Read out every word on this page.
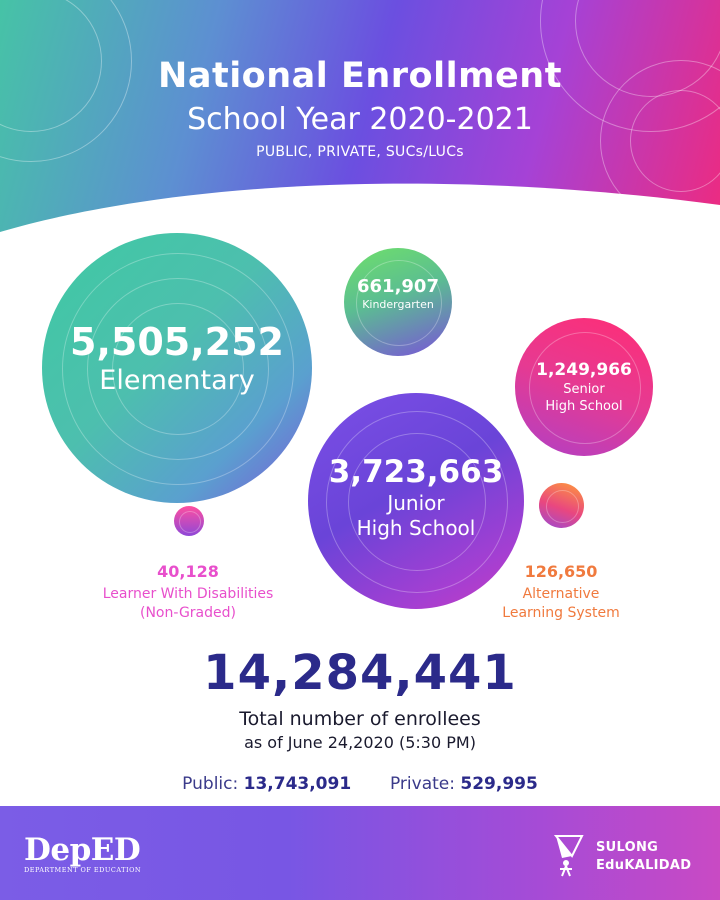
National Enrollment
School Year 2020-2021
PUBLIC, PRIVATE, SUCs/LUCs
5,505,252
Elementary
661,907
Kindergarten
1,249,966
Senior
High School
3,723,663
Junior
High School
40,128
Learner With Disabilities
(Non-Graded)
126,650
Alternative
Learning System
14,284,441
Total number of enrollees
as of June 24,2020 (5:30 PM)
Public: 13,743,091 Private: 529,995
DepED
DEPARTMENT OF EDUCATION
SULONG
EduKALIDAD
